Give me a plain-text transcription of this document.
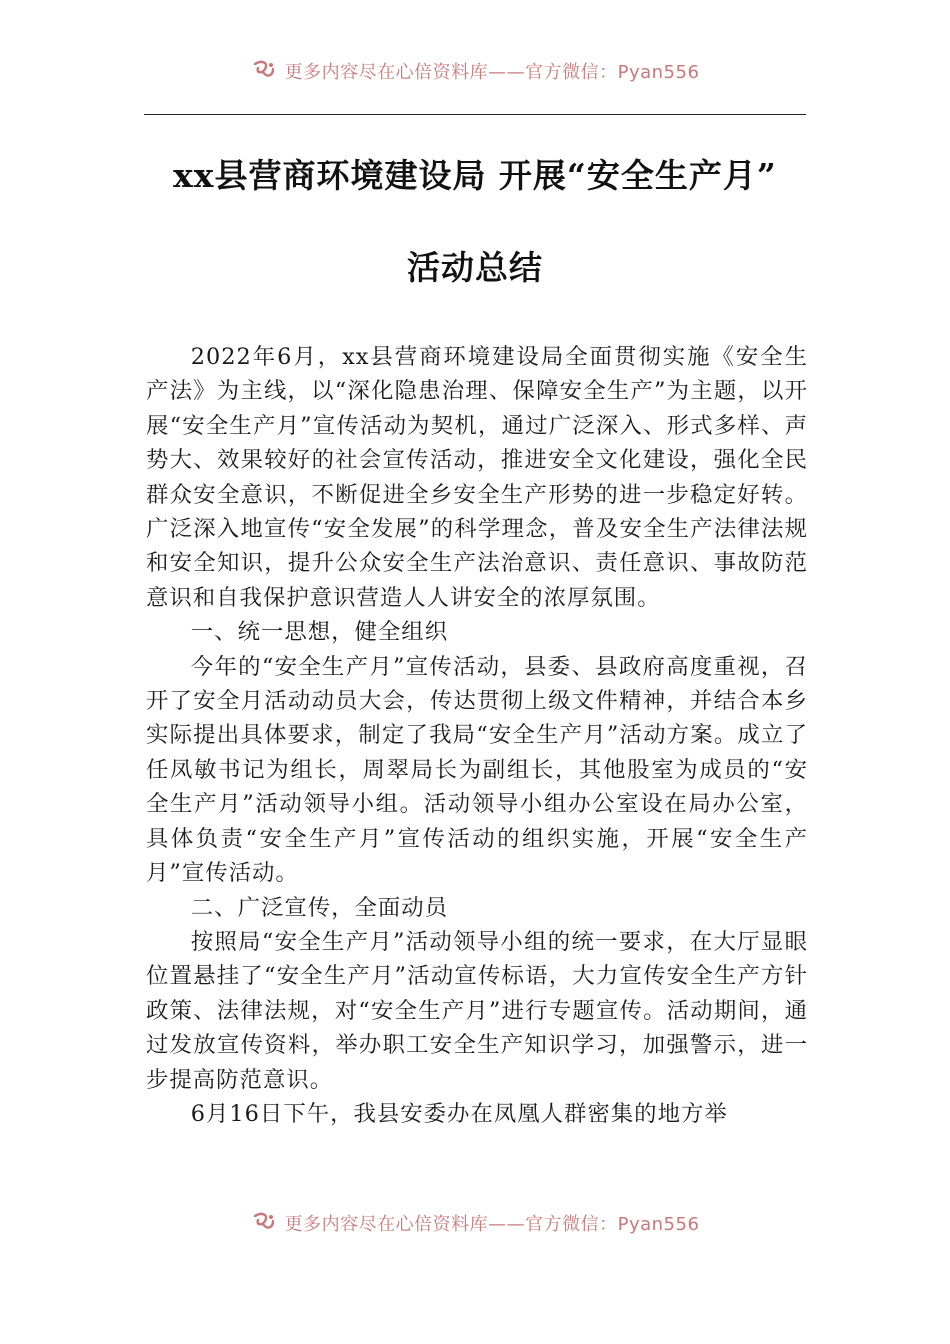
更多内容尽在心倍资料库——官方微信：Pyan556
xx县营商环境建设局 开展“安全生产月”
活动总结

2022年6月，xx县营商环境建设局全面贯彻实施《安全生产法》为主线，以“深化隐患治理、保障安全生产”为主题，以开展“安全生产月”宣传活动为契机，通过广泛深入、形式多样、声势大、效果较好的社会宣传活动，推进安全文化建设，强化全民群众安全意识，不断促进全乡安全生产形势的进一步稳定好转。广泛深入地宣传“安全发展”的科学理念，普及安全生产法律法规和安全知识，提升公众安全生产法治意识、责任意识、事故防范意识和自我保护意识营造人人讲安全的浓厚氛围。

一、统一思想，健全组织

今年的“安全生产月”宣传活动，县委、县政府高度重视，召开了安全月活动动员大会，传达贯彻上级文件精神，并结合本乡实际提出具体要求，制定了我局“安全生产月”活动方案。成立了任凤敏书记为组长，周翠局长为副组长，其他股室为成员的“安全生产月”活动领导小组。活动领导小组办公室设在局办公室，具体负责“安全生产月”宣传活动的组织实施，开展“安全生产月”宣传活动。

二、广泛宣传，全面动员

按照局“安全生产月”活动领导小组的统一要求，在大厅显眼位置悬挂了“安全生产月”活动宣传标语，大力宣传安全生产方针政策、法律法规，对“安全生产月”进行专题宣传。活动期间，通过发放宣传资料，举办职工安全生产知识学习，加强警示，进一步提高防范意识。

6月16日下午，我县安委办在凤凰人群密集的地方举

更多内容尽在心倍资料库——官方微信：Pyan556
